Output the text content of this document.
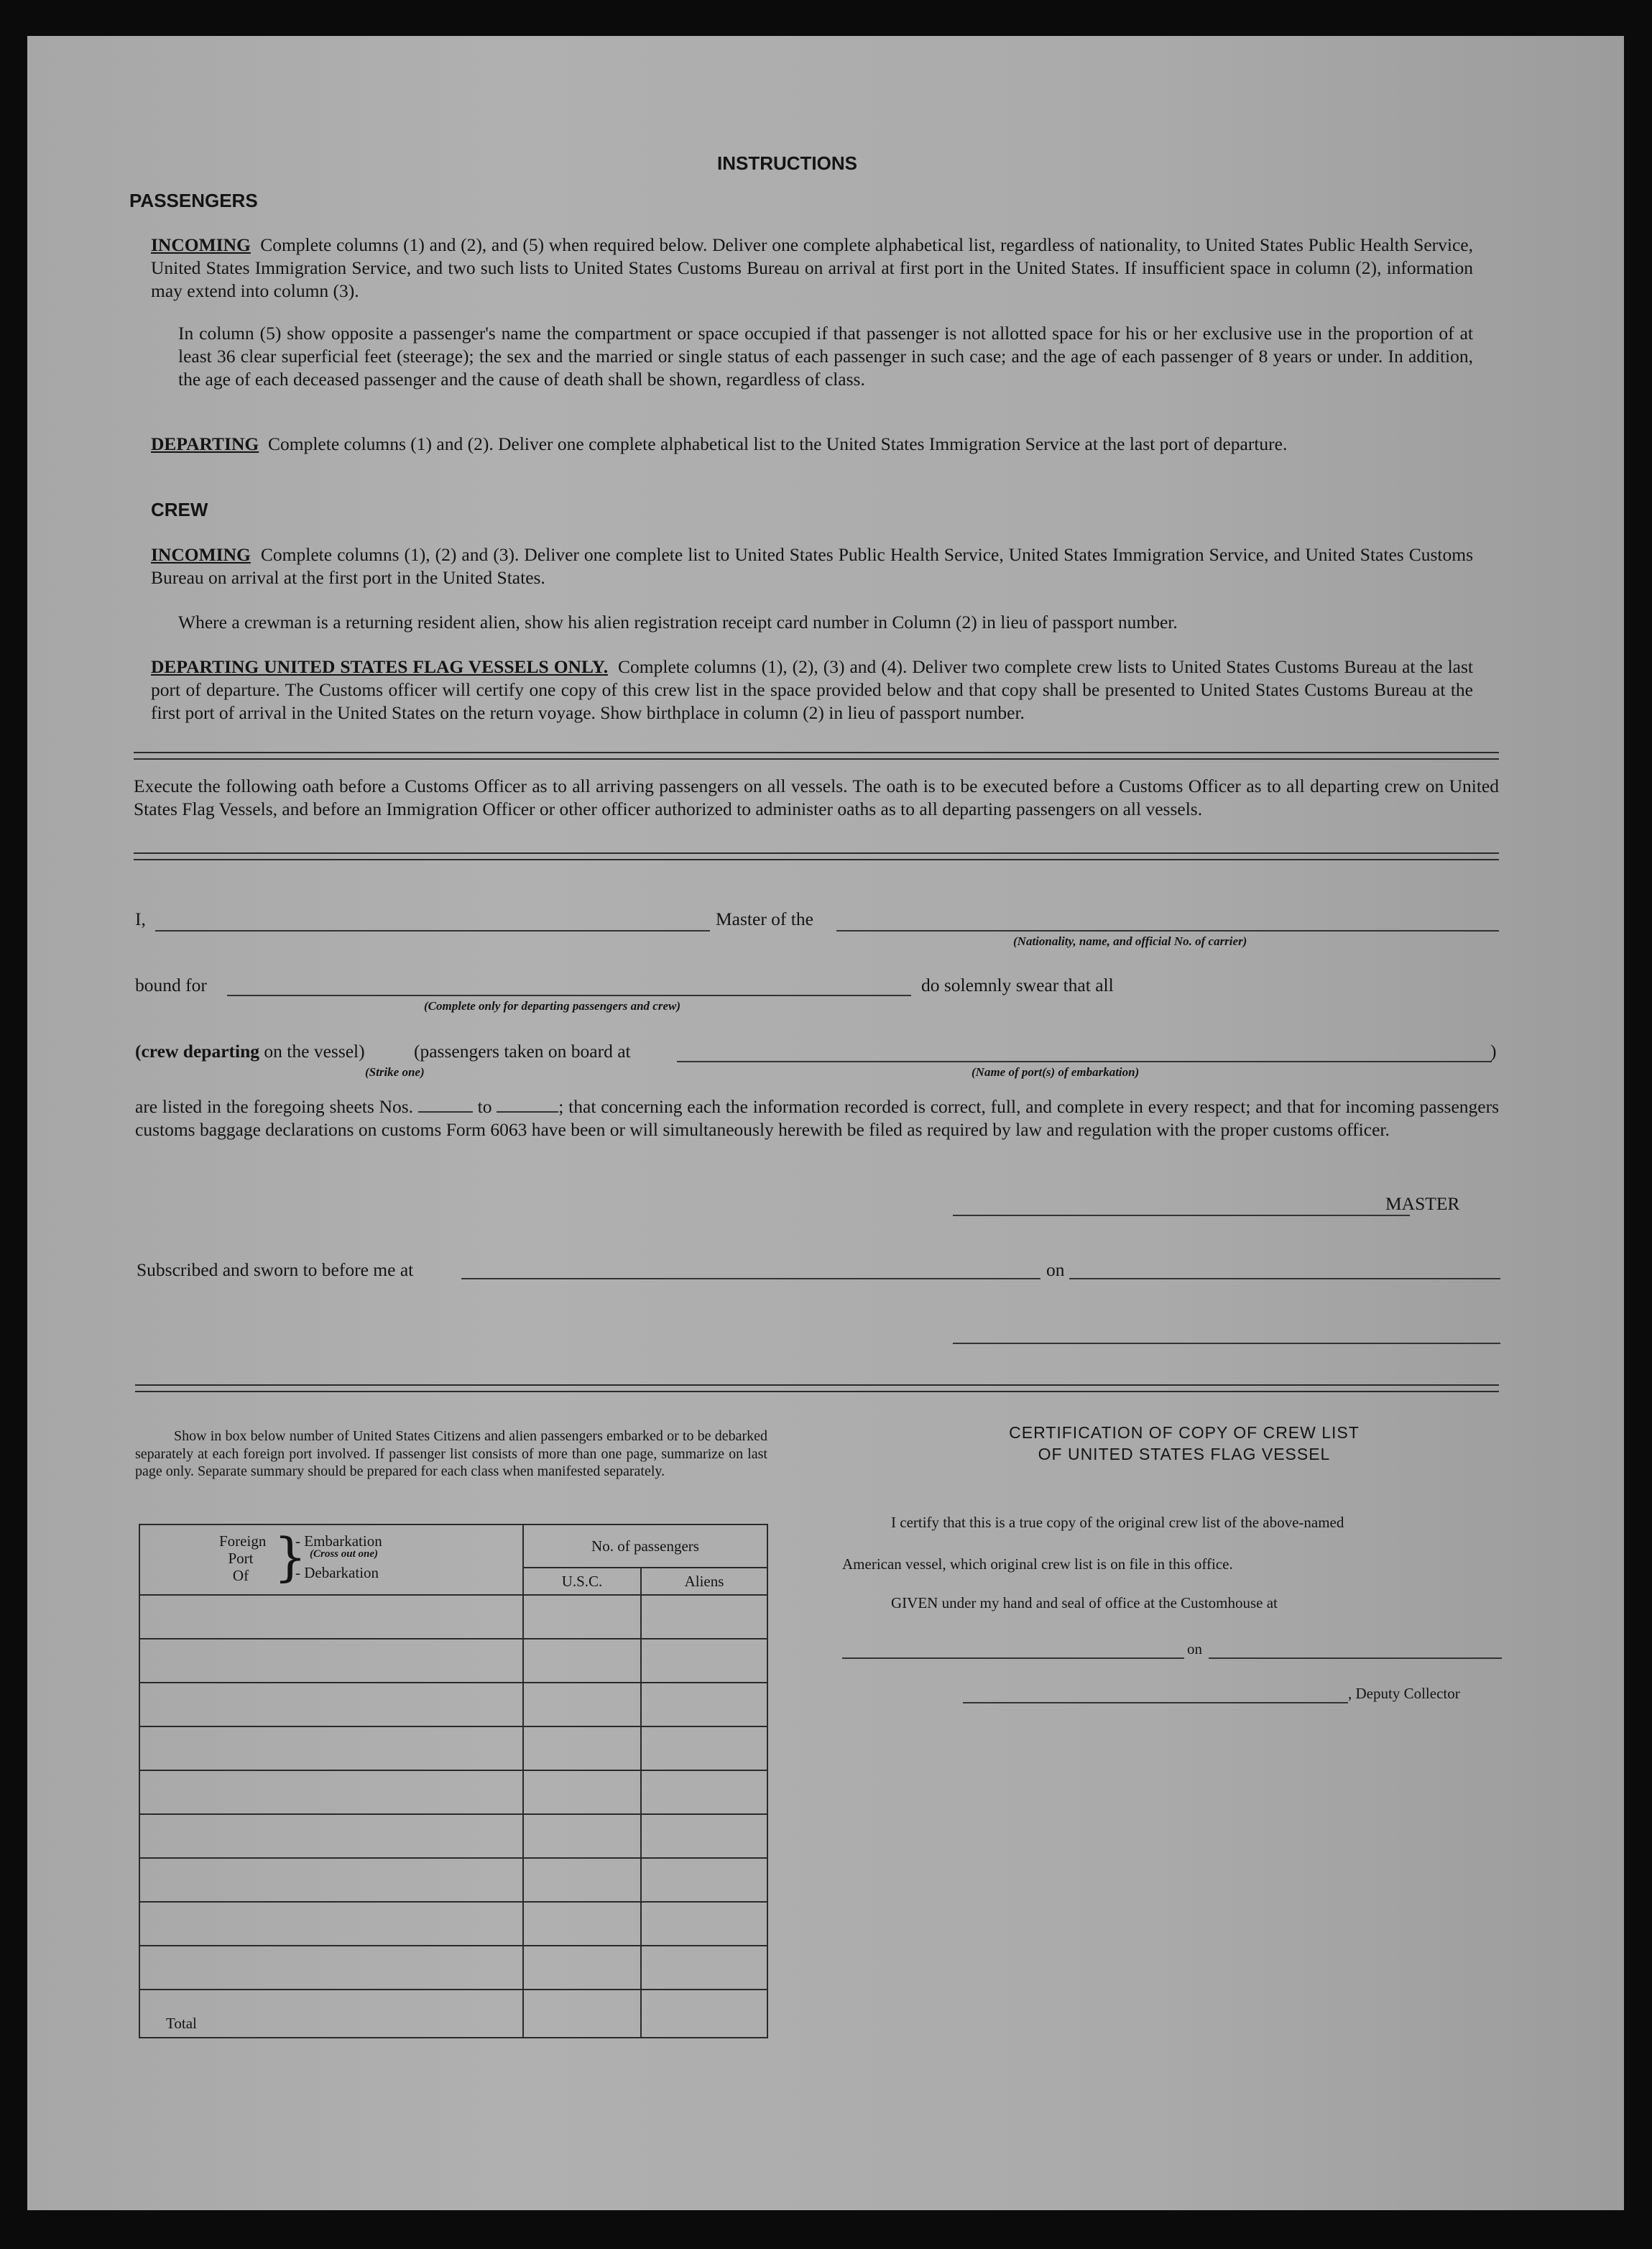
INSTRUCTIONS
PASSENGERS
INCOMING Complete columns (1) and (2), and (5) when required below. Deliver one complete alphabetical list, regardless of nationality, to United States Public Health Service, United States Immigration Service, and two such lists to United States Customs Bureau on arrival at first port in the United States. If insufficient space in column (2), information may extend into column (3).
In column (5) show opposite a passenger's name the compartment or space occupied if that passenger is not allotted space for his or her exclusive use in the proportion of at least 36 clear superficial feet (steerage); the sex and the married or single status of each passenger in such case; and the age of each passenger of 8 years or under. In addition, the age of each deceased passenger and the cause of death shall be shown, regardless of class.
DEPARTING Complete columns (1) and (2). Deliver one complete alphabetical list to the United States Immigration Service at the last port of departure.
CREW
INCOMING Complete columns (1), (2) and (3). Deliver one complete list to United States Public Health Service, United States Immigration Service, and United States Customs Bureau on arrival at the first port in the United States.
Where a crewman is a returning resident alien, show his alien registration receipt card number in Column (2) in lieu of passport number.
DEPARTING UNITED STATES FLAG VESSELS ONLY. Complete columns (1), (2), (3) and (4). Deliver two complete crew lists to United States Customs Bureau at the last port of departure. The Customs officer will certify one copy of this crew list in the space provided below and that copy shall be presented to United States Customs Bureau at the first port of arrival in the United States on the return voyage. Show birthplace in column (2) in lieu of passport number.
Execute the following oath before a Customs Officer as to all arriving passengers on all vessels. The oath is to be executed before a Customs Officer as to all departing crew on United States Flag Vessels, and before an Immigration Officer or other officer authorized to administer oaths as to all departing passengers on all vessels.
I,	Master of the
(Nationality, name, and official No. of carrier)
bound for
(Complete only for departing passengers and crew)
do solemnly swear that all
(crew departing on the vessel)	(passengers taken on board at	)
(Strike one)	(Name of port(s) of embarkation)
are listed in the foregoing sheets Nos.	to	; that concerning each the information recorded is correct, full, and complete in every respect; and that for incoming passengers customs baggage declarations on customs Form 6063 have been or will simultaneously herewith be filed as required by law and regulation with the proper customs officer.
MASTER
Subscribed and sworn to before me at	on
Show in box below number of United States Citizens and alien passengers embarked or to be debarked separately at each foreign port involved. If passenger list consists of more than one page, summarize on last page only. Separate summary should be prepared for each class when manifested separately.
Foreign Port Of }
- Embarkation
(Cross out one)
- Debarkation	No. of passengers	
	U.S.C.	Aliens

Total		
CERTIFICATION OF COPY OF CREW LIST
OF UNITED STATES FLAG VESSEL
I certify that this is a true copy of the original crew list of the above-named
American vessel, which original crew list is on file in this office.
GIVEN under my hand and seal of office at the Customhouse at
on
, Deputy Collector
